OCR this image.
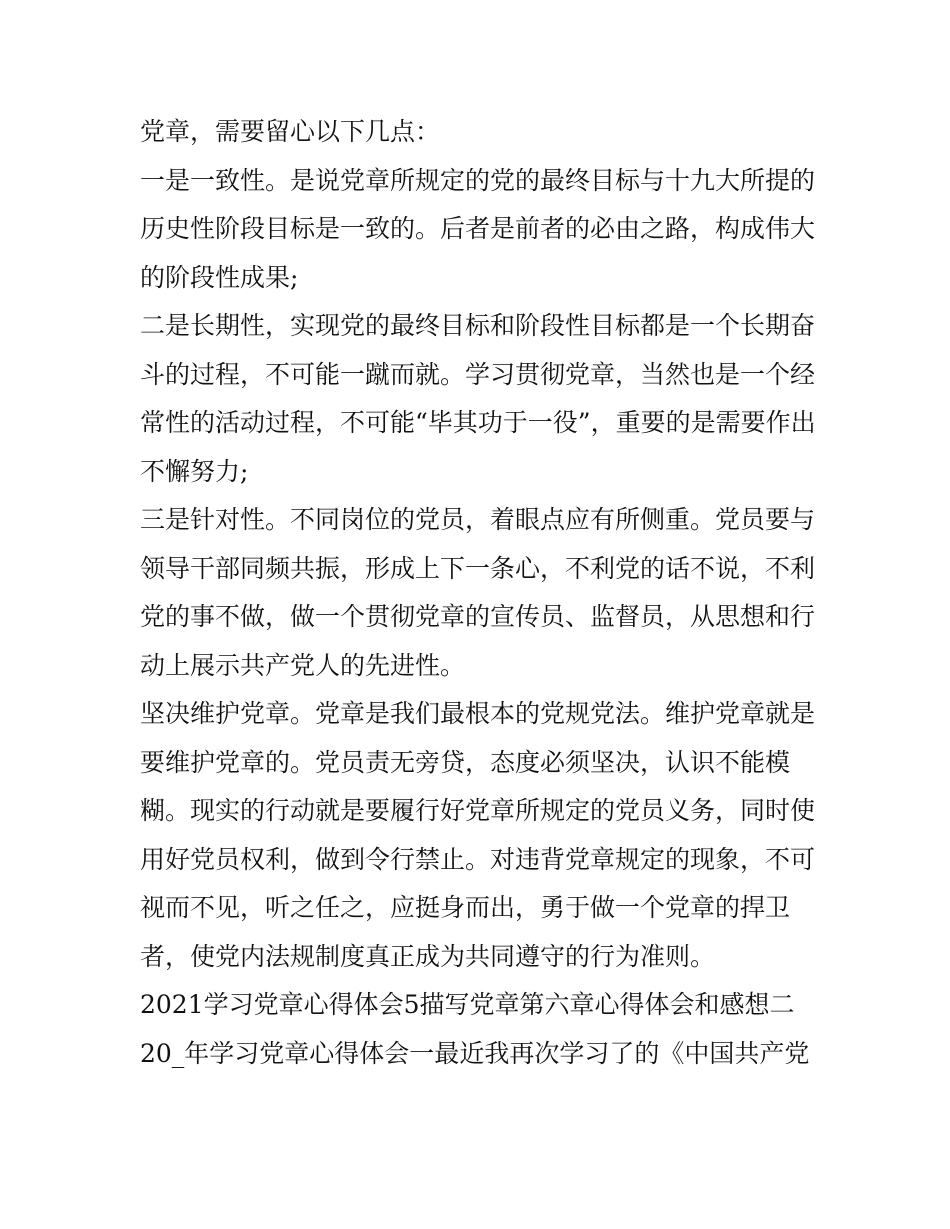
党章，需要留心以下几点：
一是一致性。是说党章所规定的党的最终目标与十九大所提的
历史性阶段目标是一致的。后者是前者的必由之路，构成伟大
的阶段性成果;
二是长期性，实现党的最终目标和阶段性目标都是一个长期奋
斗的过程，不可能一蹴而就。学习贯彻党章，当然也是一个经
常性的活动过程，不可能“毕其功于一役”，重要的是需要作出
不懈努力;
三是针对性。不同岗位的党员，着眼点应有所侧重。党员要与
领导干部同频共振，形成上下一条心，不利党的话不说，不利
党的事不做，做一个贯彻党章的宣传员、监督员，从思想和行
动上展示共产党人的先进性。
坚决维护党章。党章是我们最根本的党规党法。维护党章就是
要维护党章的。党员责无旁贷，态度必须坚决，认识不能模
糊。现实的行动就是要履行好党章所规定的党员义务，同时使
用好党员权利，做到令行禁止。对违背党章规定的现象，不可
视而不见，听之任之，应挺身而出，勇于做一个党章的捍卫
者，使党内法规制度真正成为共同遵守的行为准则。
2021学习党章心得体会5描写党章第六章心得体会和感想二
20_年学习党章心得体会一最近我再次学习了的《中国共产党
